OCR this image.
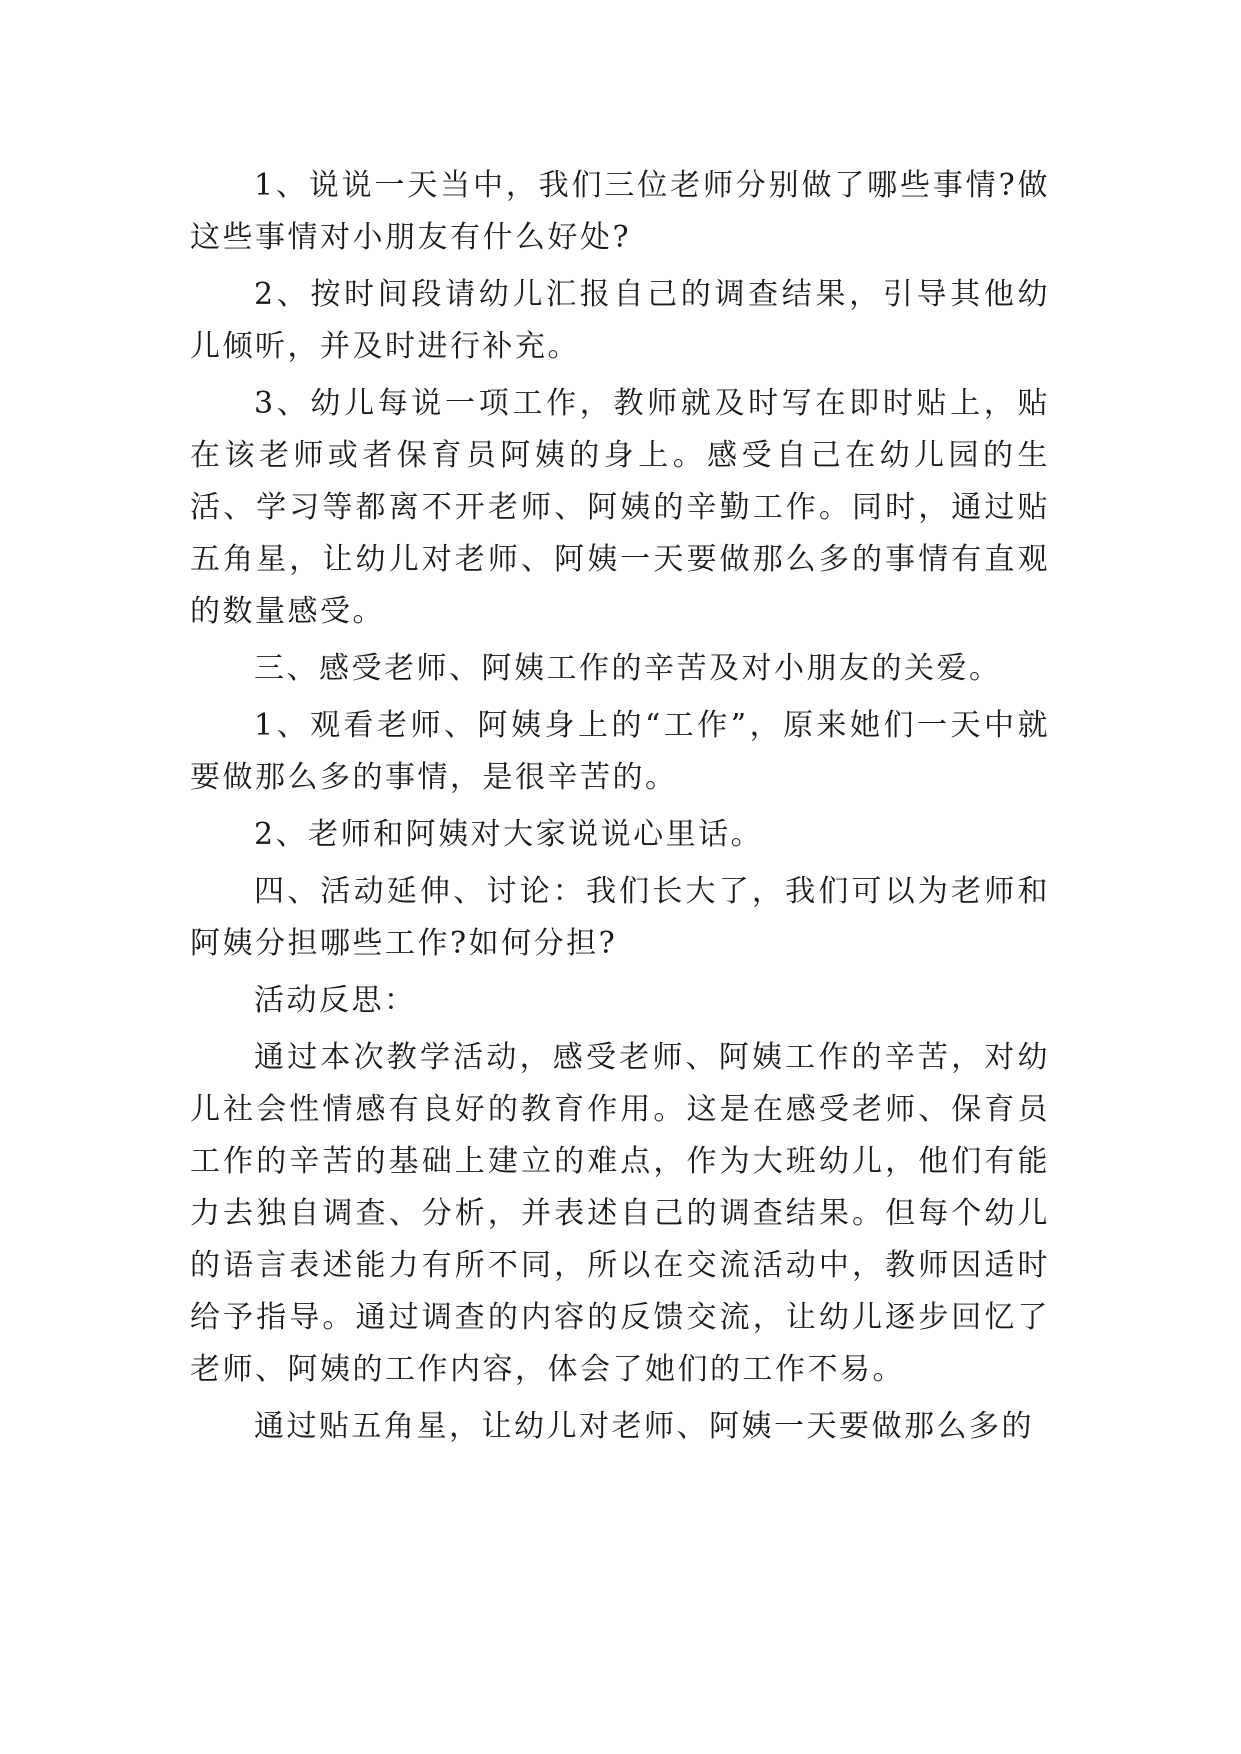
1、说说一天当中，我们三位老师分别做了哪些事情?做这些事情对小朋友有什么好处?

2、按时间段请幼儿汇报自己的调查结果，引导其他幼儿倾听，并及时进行补充。

3、幼儿每说一项工作，教师就及时写在即时贴上，贴在该老师或者保育员阿姨的身上。感受自己在幼儿园的生活、学习等都离不开老师、阿姨的辛勤工作。同时，通过贴五角星，让幼儿对老师、阿姨一天要做那么多的事情有直观的数量感受。

三、感受老师、阿姨工作的辛苦及对小朋友的关爱。

1、观看老师、阿姨身上的“工作”，原来她们一天中就要做那么多的事情，是很辛苦的。

2、老师和阿姨对大家说说心里话。

四、活动延伸、讨论：我们长大了，我们可以为老师和阿姨分担哪些工作?如何分担?

活动反思：

通过本次教学活动，感受老师、阿姨工作的辛苦，对幼儿社会性情感有良好的教育作用。这是在感受老师、保育员工作的辛苦的基础上建立的难点，作为大班幼儿，他们有能力去独自调查、分析，并表述自己的调查结果。但每个幼儿的语言表述能力有所不同，所以在交流活动中，教师因适时给予指导。通过调查的内容的反馈交流，让幼儿逐步回忆了老师、阿姨的工作内容，体会了她们的工作不易。

通过贴五角星，让幼儿对老师、阿姨一天要做那么多的
